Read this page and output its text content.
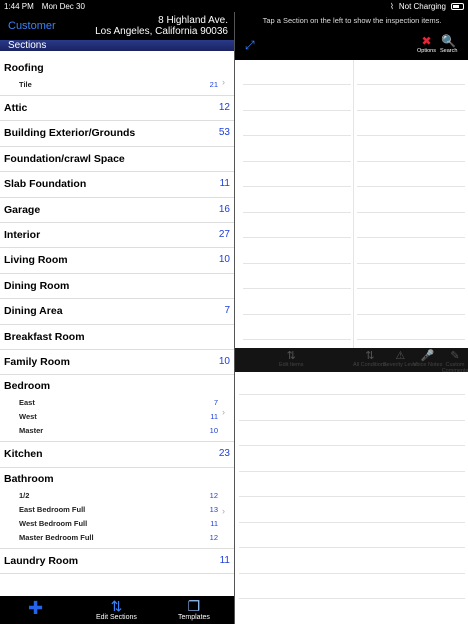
1:44 PM Mon Dec 30	⌇ Not Charging
Customer	8 Highland Ave.
Los Angeles, California 90036
Sections
Roofing
Tile	21 ›
Attic	12
Building Exterior/Grounds	53
Foundation/crawl Space
Slab Foundation	11
Garage	16
Interior	27
Living Room	10
Dining Room
Dining Area	7
Breakfast Room
Family Room	10
Bedroom
East	7
West	11
Master	10
›
Kitchen	23
Bathroom
1/2	12
East Bedroom Full	13
West Bedroom Full	11
Master Bedroom Full	12
›
Laundry Room	11
✚	⇅
Edit Sections
❐
Templates
Tap a Section on the left to show the inspection items.
⤢	✖
Options
🔍
Search
⇅
Edit Items
⇅
All Conditions
⚠
Severity Level
🎤
Voice Notes
✎
Custom Comments
